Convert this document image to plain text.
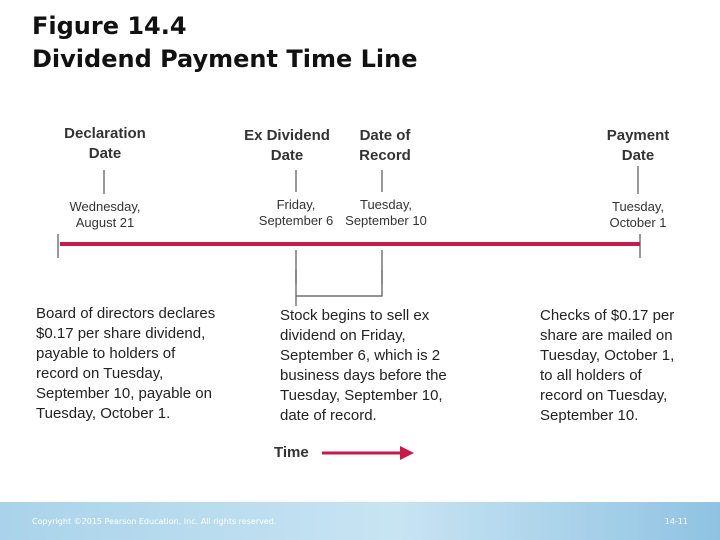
Figure 14.4
Dividend Payment Time Line
Declaration
Date
Ex Dividend
Date
Date of
Record
Payment
Date
Wednesday,
August 21
Friday,
September 6
Tuesday,
September 10
Tuesday,
October 1
Board of directors declares
$0.17 per share dividend,
payable to holders of
record on Tuesday,
September 10, payable on
Tuesday, October 1.
Stock begins to sell ex
dividend on Friday,
September 6, which is 2
business days before the
Tuesday, September 10,
date of record.
Checks of $0.17 per
share are mailed on
Tuesday, October 1,
to all holders of
record on Tuesday,
September 10.
Time
Copyright ©2015 Pearson Education, Inc. All rights reserved.	14-11
